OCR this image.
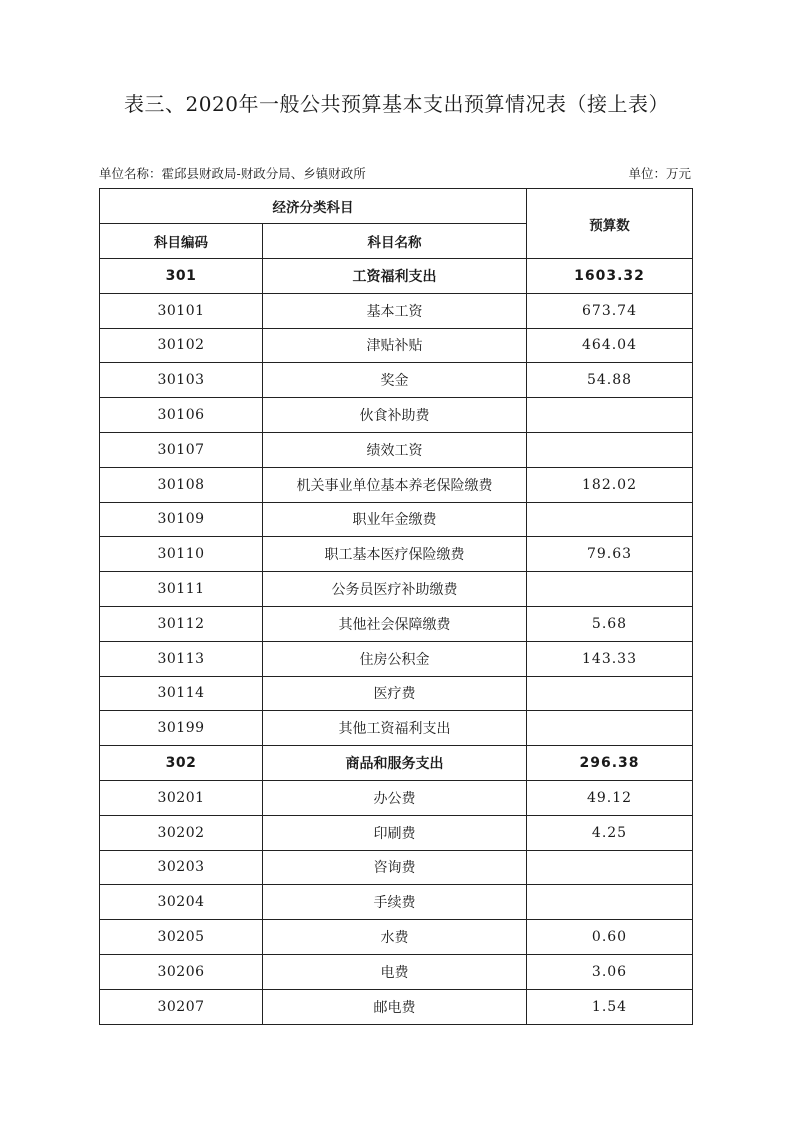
表三、2020年一般公共预算基本支出预算情况表（接上表）
单位名称：霍邱县财政局-财政分局、乡镇财政所	单位：万元
经济分类科目		预算数
科目编码	科目名称	
301	工资福利支出	1603.32
30101	基本工资	673.74
30102	津贴补贴	464.04
30103	奖金	54.88
30106	伙食补助费	
30107	绩效工资	
30108	机关事业单位基本养老保险缴费	182.02
30109	职业年金缴费	
30110	职工基本医疗保险缴费	79.63
30111	公务员医疗补助缴费	
30112	其他社会保障缴费	5.68
30113	住房公积金	143.33
30114	医疗费	
30199	其他工资福利支出	
302	商品和服务支出	296.38
30201	办公费	49.12
30202	印刷费	4.25
30203	咨询费	
30204	手续费	
30205	水费	0.60
30206	电费	3.06
30207	邮电费	1.54
